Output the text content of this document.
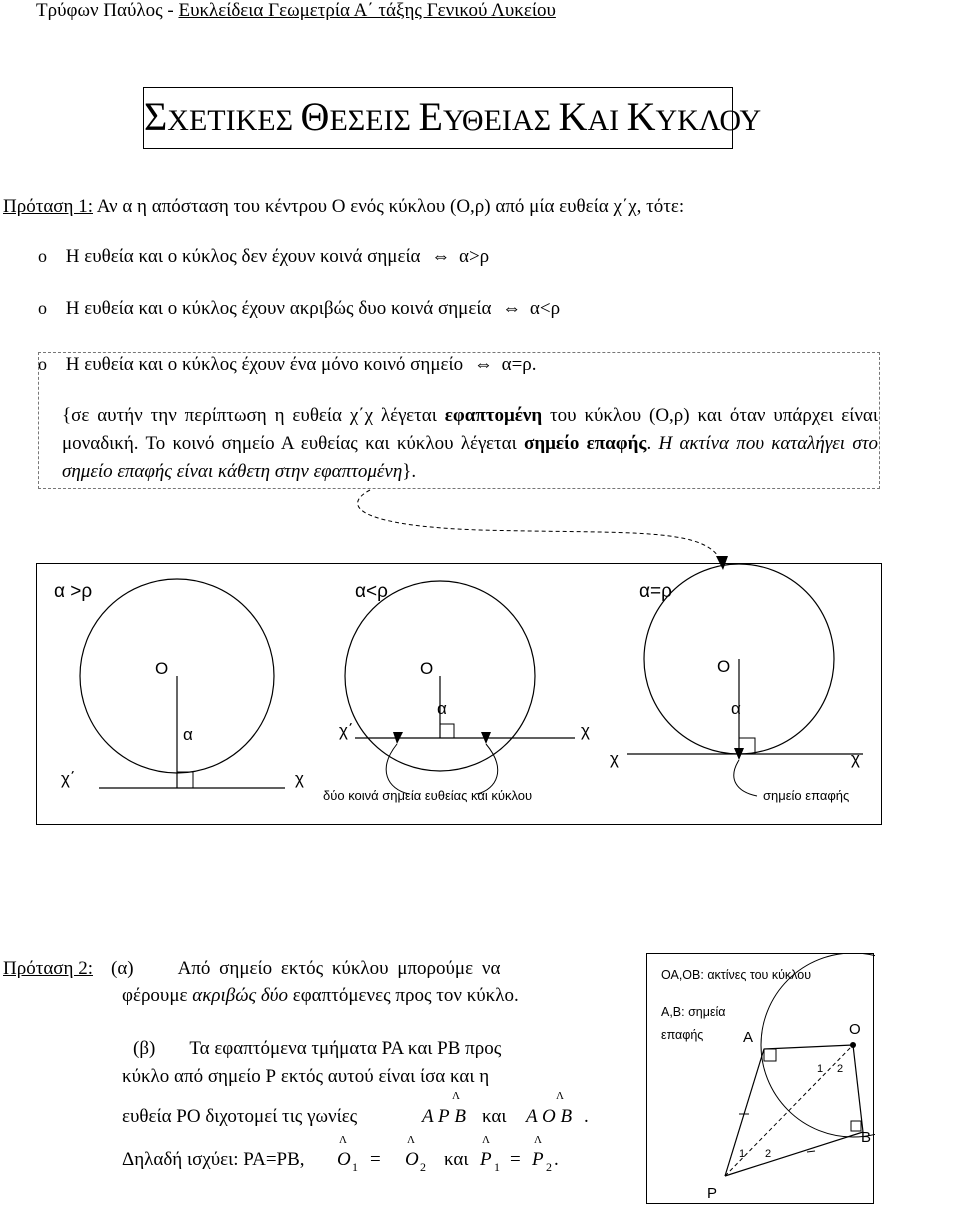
Τρύφων Παύλος - Ευκλείδεια Γεωμετρία Α΄ τάξης Γενικού Λυκείου
ΣΧΕΤΙΚΕΣ ΘΕΣΕΙΣ ΕΥΘΕΙΑΣ ΚΑΙ ΚΥΚΛΟΥ
Πρόταση 1: Αν α η απόσταση του κέντρου Ο ενός κύκλου (Ο,ρ) από μία ευθεία χ΄χ, τότε:
o Η ευθεία και ο κύκλος δεν έχουν κοινά σημεία ⇔ α>ρ
o Η ευθεία και ο κύκλος έχουν ακριβώς δυο κοινά σημεία ⇔ α<ρ
o Η ευθεία και ο κύκλος έχουν ένα μόνο κοινό σημείο ⇔ α=ρ.
{σε αυτήν την περίπτωση η ευθεία χ΄χ λέγεται εφαπτομένη του κύκλου (Ο,ρ) και όταν υπάρχει είναι μοναδική. Το κοινό σημείο Α ευθείας και κύκλου λέγεται σημείο επαφής. Η ακτίνα που καταλήγει στο σημείο επαφής είναι κάθετη στην εφαπτομένη}.
α >ρ
Ο
α
χ΄	χ
α<ρ
Ο
α
χ΄	χ
δύο κοινά σημεία ευθείας και κύκλου
α=ρ
Ο
α
χ	χ
σημείο επαφής
Πρόταση 2: (α) Από σημείο εκτός κύκλου μπορούμε να
φέρουμε ακριβώς δύο εφαπτόμενες προς τον κύκλο.
(β) Τα εφαπτόμενα τμήματα ΡΑ και ΡΒ προς
κύκλο από σημείο Ρ εκτός αυτού είναι ίσα και η
ευθεία ΡΟ διχοτομεί τις γωνίες
Λ
Α Ρ Β και
Λ
Α Ο Β .
Δηλαδή ισχύει: ΡΑ=ΡΒ,
Λ
Ο 1 =
Λ
Ο 2 και
Λ
Ρ 1 =
Λ
Ρ 2 .
ΟΑ,ΟΒ: ακτίνες του κύκλου
Α,Β: σημεία
επαφής	Α	Ο
Β
Ρ
1 2
1 2
